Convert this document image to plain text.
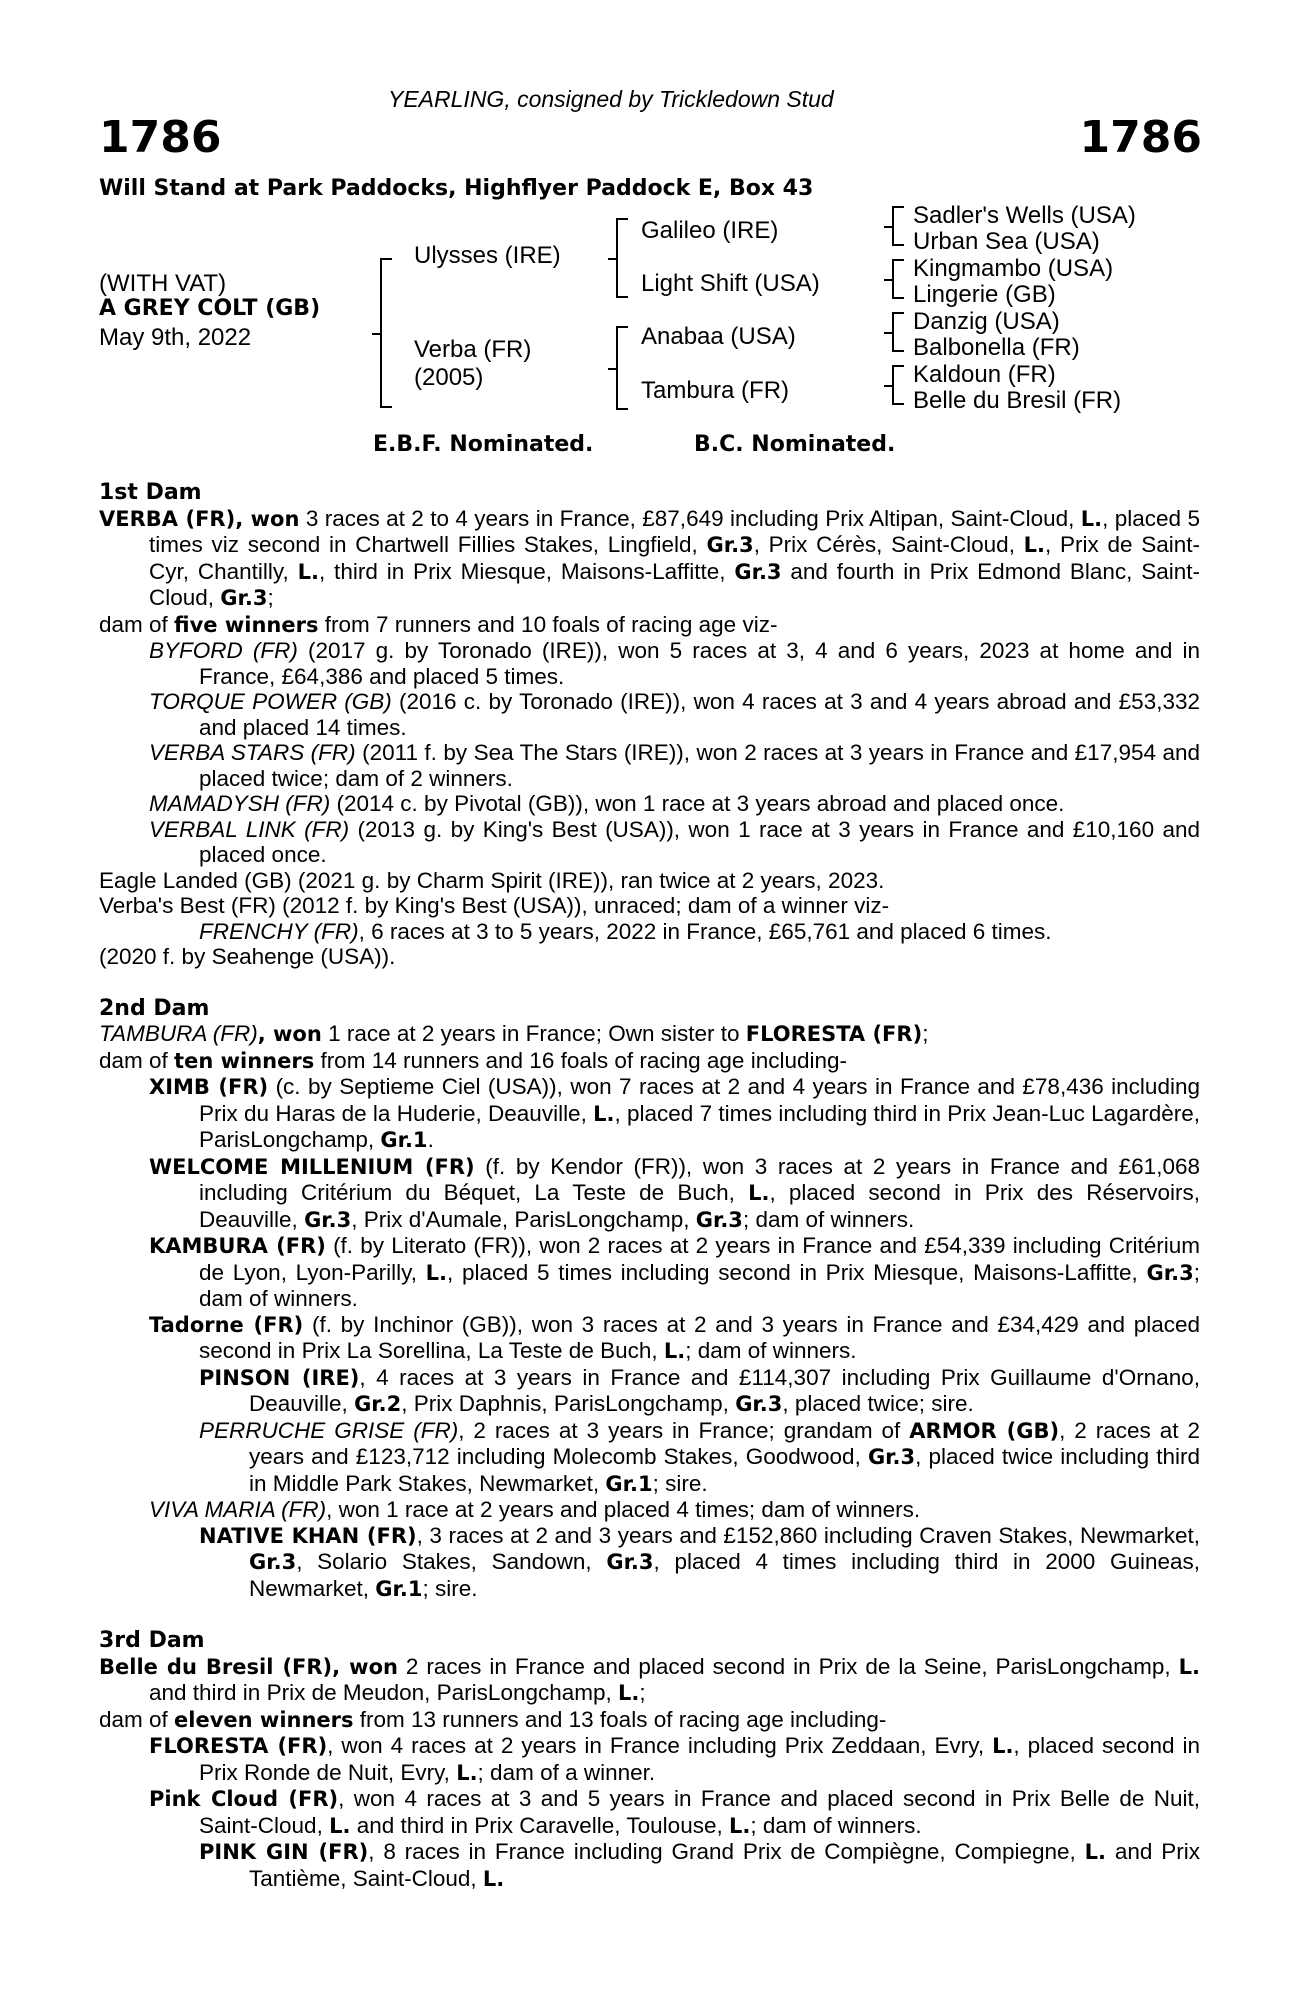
YEARLING, consigned by Trickledown Stud
1786	1786
Will Stand at Park Paddocks, Highflyer Paddock E, Box 43
(WITH VAT)
A GREY COLT (GB)
May 9th, 2022
Ulysses (IRE)
Verba (FR)
(2005)
Galileo (IRE)
Light Shift (USA)
Anabaa (USA)
Tambura (FR)
Sadler's Wells (USA)
Urban Sea (USA)
Kingmambo (USA)
Lingerie (GB)
Danzig (USA)
Balbonella (FR)
Kaldoun (FR)
Belle du Bresil (FR)
E.B.F. Nominated.	B.C. Nominated.

1st Dam

VERBA (FR), won 3 races at 2 to 4 years in France, £87,649 including Prix Altipan, Saint-Cloud, L., placed 5 times viz second in Chartwell Fillies Stakes, Lingfield, Gr.3, Prix Cérès, Saint-Cloud, L., Prix de Saint-Cyr, Chantilly, L., third in Prix Miesque, Maisons-Laffitte, Gr.3 and fourth in Prix Edmond Blanc, Saint-Cloud, Gr.3;

dam of five winners from 7 runners and 10 foals of racing age viz-

BYFORD (FR) (2017 g. by Toronado (IRE)), won 5 races at 3, 4 and 6 years, 2023 at home and in France, £64,386 and placed 5 times.

TORQUE POWER (GB) (2016 c. by Toronado (IRE)), won 4 races at 3 and 4 years abroad and £53,332 and placed 14 times.

VERBA STARS (FR) (2011 f. by Sea The Stars (IRE)), won 2 races at 3 years in France and £17,954 and placed twice; dam of 2 winners.

MAMADYSH (FR) (2014 c. by Pivotal (GB)), won 1 race at 3 years abroad and placed once.

VERBAL LINK (FR) (2013 g. by King's Best (USA)), won 1 race at 3 years in France and £10,160 and placed once.

Eagle Landed (GB) (2021 g. by Charm Spirit (IRE)), ran twice at 2 years, 2023.

Verba's Best (FR) (2012 f. by King's Best (USA)), unraced; dam of a winner viz-

FRENCHY (FR), 6 races at 3 to 5 years, 2022 in France, £65,761 and placed 6 times.

(2020 f. by Seahenge (USA)).

2nd Dam

TAMBURA (FR), won 1 race at 2 years in France; Own sister to FLORESTA (FR);

dam of ten winners from 14 runners and 16 foals of racing age including-

XIMB (FR) (c. by Septieme Ciel (USA)), won 7 races at 2 and 4 years in France and £78,436 including Prix du Haras de la Huderie, Deauville, L., placed 7 times including third in Prix Jean-Luc Lagardère, ParisLongchamp, Gr.1.

WELCOME MILLENIUM (FR) (f. by Kendor (FR)), won 3 races at 2 years in France and £61,068 including Critérium du Béquet, La Teste de Buch, L., placed second in Prix des Réservoirs, Deauville, Gr.3, Prix d'Aumale, ParisLongchamp, Gr.3; dam of winners.

KAMBURA (FR) (f. by Literato (FR)), won 2 races at 2 years in France and £54,339 including Critérium de Lyon, Lyon-Parilly, L., placed 5 times including second in Prix Miesque, Maisons-Laffitte, Gr.3; dam of winners.

Tadorne (FR) (f. by Inchinor (GB)), won 3 races at 2 and 3 years in France and £34,429 and placed second in Prix La Sorellina, La Teste de Buch, L.; dam of winners.

PINSON (IRE), 4 races at 3 years in France and £114,307 including Prix Guillaume d'Ornano, Deauville, Gr.2, Prix Daphnis, ParisLongchamp, Gr.3, placed twice; sire.

PERRUCHE GRISE (FR), 2 races at 3 years in France; grandam of ARMOR (GB), 2 races at 2 years and £123,712 including Molecomb Stakes, Goodwood, Gr.3, placed twice including third in Middle Park Stakes, Newmarket, Gr.1; sire.

VIVA MARIA (FR), won 1 race at 2 years and placed 4 times; dam of winners.

NATIVE KHAN (FR), 3 races at 2 and 3 years and £152,860 including Craven Stakes, Newmarket, Gr.3, Solario Stakes, Sandown, Gr.3, placed 4 times including third in 2000 Guineas, Newmarket, Gr.1; sire.

3rd Dam

Belle du Bresil (FR), won 2 races in France and placed second in Prix de la Seine, ParisLongchamp, L. and third in Prix de Meudon, ParisLongchamp, L.;

dam of eleven winners from 13 runners and 13 foals of racing age including-

FLORESTA (FR), won 4 races at 2 years in France including Prix Zeddaan, Evry, L., placed second in Prix Ronde de Nuit, Evry, L.; dam of a winner.

Pink Cloud (FR), won 4 races at 3 and 5 years in France and placed second in Prix Belle de Nuit, Saint-Cloud, L. and third in Prix Caravelle, Toulouse, L.; dam of winners.

PINK GIN (FR), 8 races in France including Grand Prix de Compiègne, Compiegne, L. and Prix Tantième, Saint-Cloud, L.
